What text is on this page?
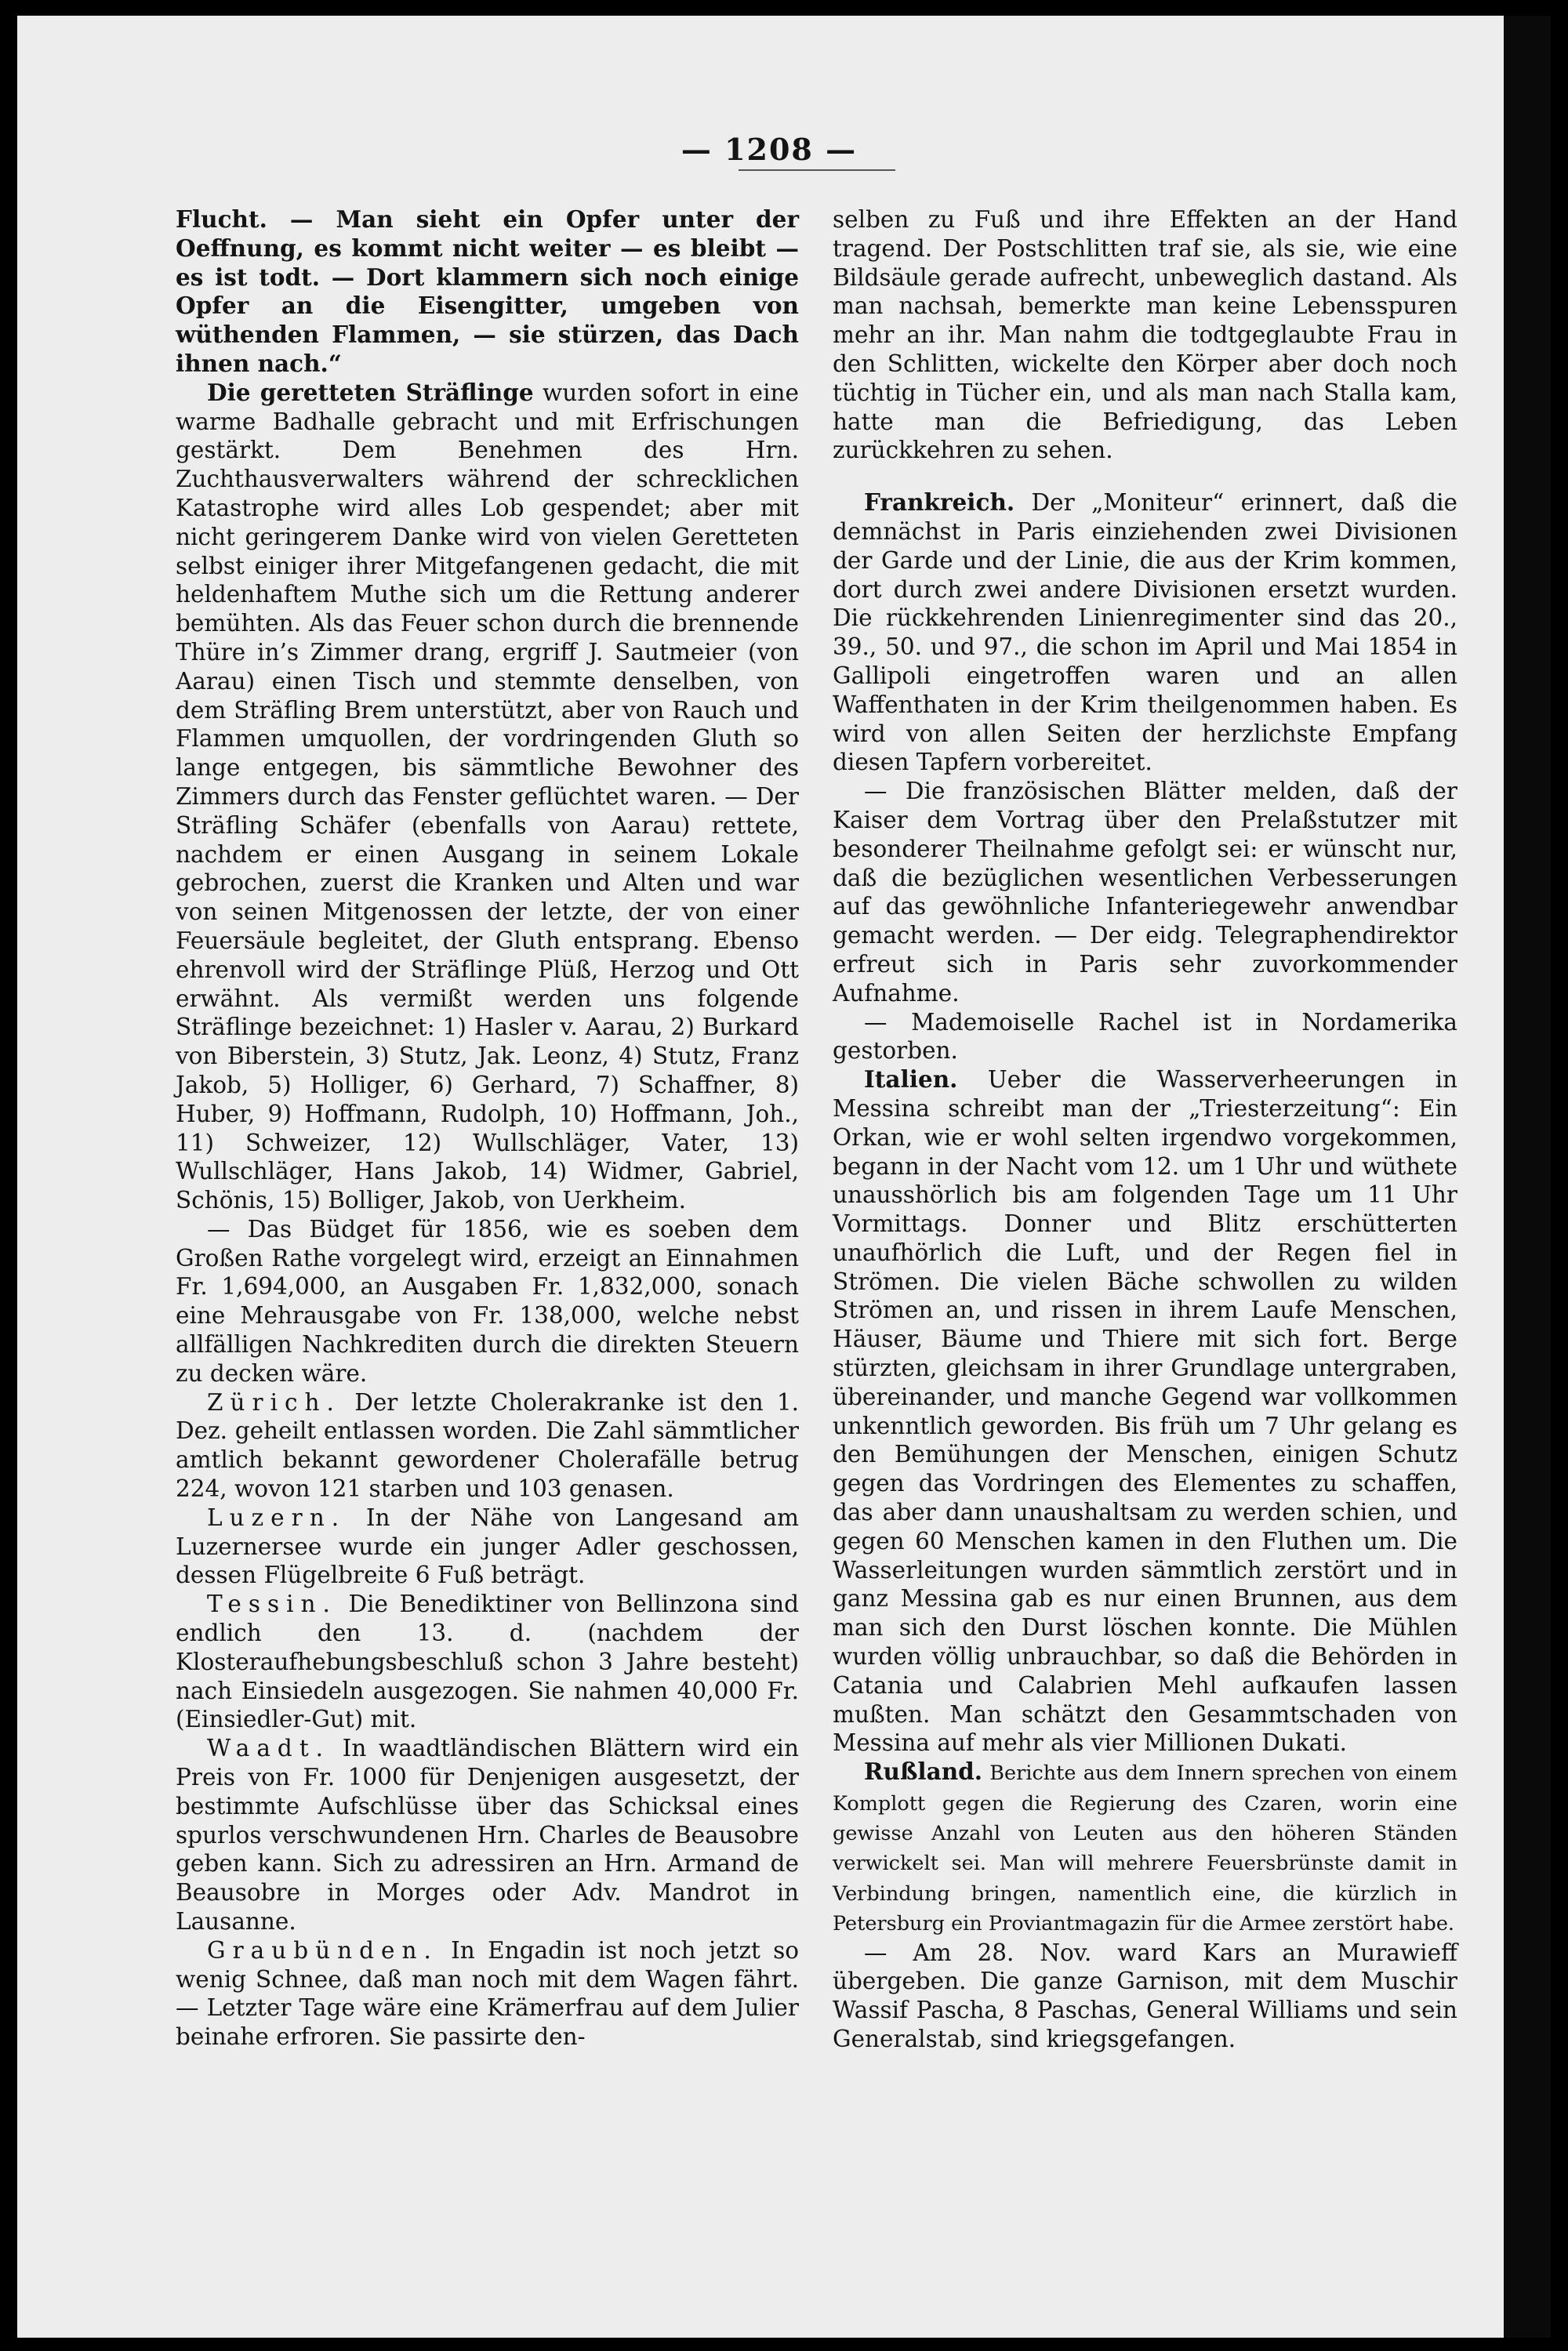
— 1208 —

Flucht. — Man sieht ein Opfer unter der Oeffnung, es kommt nicht weiter — es bleibt — es ist todt. — Dort klammern sich noch einige Opfer an die Eisengitter, umgeben von wüthenden Flammen, — sie stürzen, das Dach ihnen nach.“

Die geretteten Sträflinge wurden sofort in eine warme Badhalle gebracht und mit Erfrischungen gestärkt. Dem Benehmen des Hrn. Zuchthausverwalters während der schrecklichen Katastrophe wird alles Lob gespendet; aber mit nicht geringerem Danke wird von vielen Geretteten selbst einiger ihrer Mitgefangenen gedacht, die mit heldenhaftem Muthe sich um die Rettung anderer bemühten. Als das Feuer schon durch die brennende Thüre in’s Zimmer drang, ergriff J. Sautmeier (von Aarau) einen Tisch und stemmte denselben, von dem Sträfling Brem unterstützt, aber von Rauch und Flammen umquollen, der vordringenden Gluth so lange entgegen, bis sämmtliche Bewohner des Zimmers durch das Fenster geflüchtet waren. — Der Sträfling Schäfer (ebenfalls von Aarau) rettete, nachdem er einen Ausgang in seinem Lokale gebrochen, zuerst die Kranken und Alten und war von seinen Mitgenossen der letzte, der von einer Feuersäule begleitet, der Gluth entsprang. Ebenso ehrenvoll wird der Sträflinge Plüß, Herzog und Ott erwähnt. Als vermißt werden uns folgende Sträflinge bezeichnet: 1) Hasler v. Aarau, 2) Burkard von Biberstein, 3) Stutz, Jak. Leonz, 4) Stutz, Franz Jakob, 5) Holliger, 6) Gerhard, 7) Schaffner, 8) Huber, 9) Hoffmann, Rudolph, 10) Hoffmann, Joh., 11) Schweizer, 12) Wullschläger, Vater, 13) Wullschläger, Hans Jakob, 14) Widmer, Gabriel, Schönis, 15) Bolliger, Jakob, von Uerkheim.

— Das Büdget für 1856, wie es soeben dem Großen Rathe vorgelegt wird, erzeigt an Einnahmen Fr. 1,694,000, an Ausgaben Fr. 1,832,000, sonach eine Mehrausgabe von Fr. 138,000, welche nebst allfälligen Nachkrediten durch die direkten Steuern zu decken wäre.

Zürich. Der letzte Cholerakranke ist den 1. Dez. geheilt entlassen worden. Die Zahl sämmtlicher amtlich bekannt gewordener Cholerafälle betrug 224, wovon 121 starben und 103 genasen.

Luzern. In der Nähe von Langesand am Luzernersee wurde ein junger Adler geschossen, dessen Flügelbreite 6 Fuß beträgt.

Tessin. Die Benediktiner von Bellinzona sind endlich den 13. d. (nachdem der Klosteraufhebungsbeschluß schon 3 Jahre besteht) nach Einsiedeln ausgezogen. Sie nahmen 40,000 Fr. (Einsiedler-Gut) mit.

Waadt. In waadtländischen Blättern wird ein Preis von Fr. 1000 für Denjenigen ausgesetzt, der bestimmte Aufschlüsse über das Schicksal eines spurlos verschwundenen Hrn. Charles de Beausobre geben kann. Sich zu adressiren an Hrn. Armand de Beausobre in Morges oder Adv. Mandrot in Lausanne.

Graubünden. In Engadin ist noch jetzt so wenig Schnee, daß man noch mit dem Wagen fährt. — Letzter Tage wäre eine Krämerfrau auf dem Julier beinahe erfroren. Sie passirte den-

selben zu Fuß und ihre Effekten an der Hand tragend. Der Postschlitten traf sie, als sie, wie eine Bildsäule gerade aufrecht, unbeweglich dastand. Als man nachsah, bemerkte man keine Lebensspuren mehr an ihr. Man nahm die todtgeglaubte Frau in den Schlitten, wickelte den Körper aber doch noch tüchtig in Tücher ein, und als man nach Stalla kam, hatte man die Befriedigung, das Leben zurückkehren zu sehen.

Frankreich. Der „Moniteur“ erinnert, daß die demnächst in Paris einziehenden zwei Divisionen der Garde und der Linie, die aus der Krim kommen, dort durch zwei andere Divisionen ersetzt wurden. Die rückkehrenden Linienregimenter sind das 20., 39., 50. und 97., die schon im April und Mai 1854 in Gallipoli eingetroffen waren und an allen Waffenthaten in der Krim theilgenommen haben. Es wird von allen Seiten der herzlichste Empfang diesen Tapfern vorbereitet.

— Die französischen Blätter melden, daß der Kaiser dem Vortrag über den Prelaßstutzer mit besonderer Theilnahme gefolgt sei: er wünscht nur, daß die bezüglichen wesentlichen Verbesserungen auf das gewöhnliche Infanteriegewehr anwendbar gemacht werden. — Der eidg. Telegraphendirektor erfreut sich in Paris sehr zuvorkommender Aufnahme.

— Mademoiselle Rachel ist in Nordamerika gestorben.

Italien. Ueber die Wasserverheerungen in Messina schreibt man der „Triesterzeitung“: Ein Orkan, wie er wohl selten irgendwo vorgekommen, begann in der Nacht vom 12. um 1 Uhr und wüthete unausshörlich bis am folgenden Tage um 11 Uhr Vormittags. Donner und Blitz erschütterten unaufhörlich die Luft, und der Regen fiel in Strömen. Die vielen Bäche schwollen zu wilden Strömen an, und rissen in ihrem Laufe Menschen, Häuser, Bäume und Thiere mit sich fort. Berge stürzten, gleichsam in ihrer Grundlage untergraben, übereinander, und manche Gegend war vollkommen unkenntlich geworden. Bis früh um 7 Uhr gelang es den Bemühungen der Menschen, einigen Schutz gegen das Vordringen des Elementes zu schaffen, das aber dann unaushaltsam zu werden schien, und gegen 60 Menschen kamen in den Fluthen um. Die Wasserleitungen wurden sämmtlich zerstört und in ganz Messina gab es nur einen Brunnen, aus dem man sich den Durst löschen konnte. Die Mühlen wurden völlig unbrauchbar, so daß die Behörden in Catania und Calabrien Mehl aufkaufen lassen mußten. Man schätzt den Gesammtschaden von Messina auf mehr als vier Millionen Dukati.

Rußland. Berichte aus dem Innern sprechen von einem Komplott gegen die Regierung des Czaren, worin eine gewisse Anzahl von Leuten aus den höheren Ständen verwickelt sei. Man will mehrere Feuersbrünste damit in Verbindung bringen, namentlich eine, die kürzlich in Petersburg ein Proviantmagazin für die Armee zerstört habe.

— Am 28. Nov. ward Kars an Murawieff übergeben. Die ganze Garnison, mit dem Muschir Wassif Pascha, 8 Paschas, General Williams und sein Generalstab, sind kriegsgefangen.
